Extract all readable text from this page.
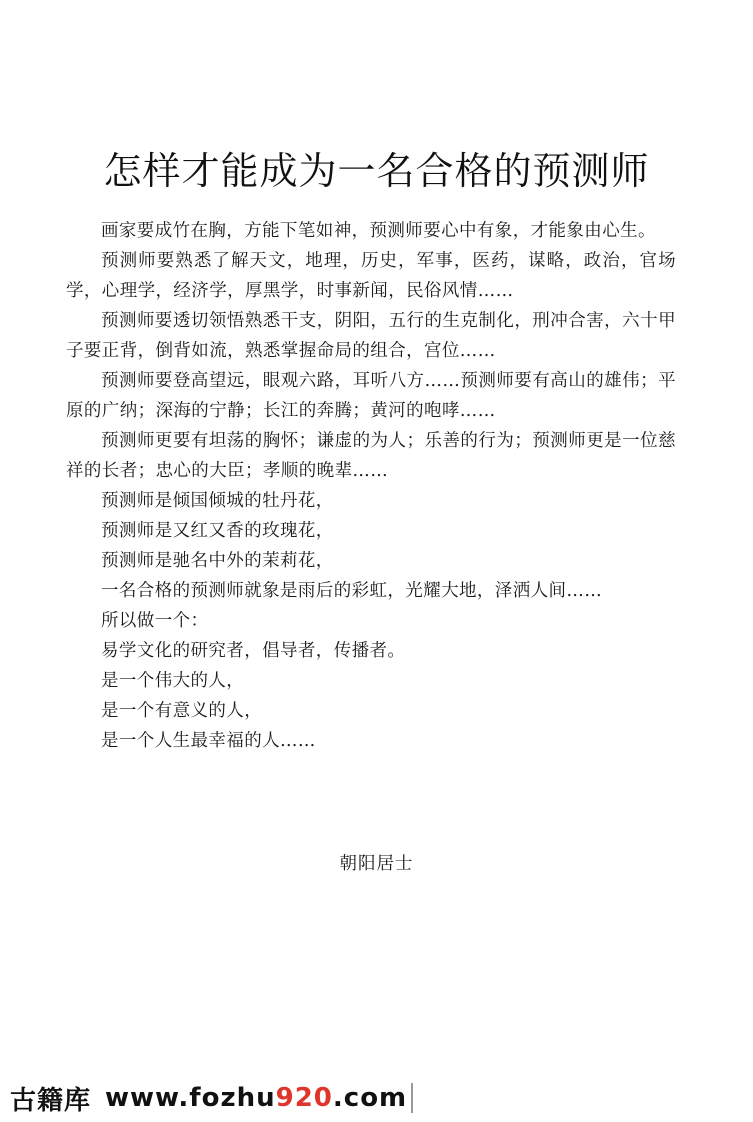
怎样才能成为一名合格的预测师

画家要成竹在胸，方能下笔如神，预测师要心中有象，才能象由心生。

预测师要熟悉了解天文，地理，历史，军事，医药，谋略，政治，官场学，心理学，经济学，厚黑学，时事新闻，民俗风情……

预测师要透切领悟熟悉干支，阴阳，五行的生克制化，刑冲合害，六十甲子要正背，倒背如流，熟悉掌握命局的组合，宫位……

预测师要登高望远，眼观六路，耳听八方……预测师要有高山的雄伟；平原的广纳；深海的宁静；长江的奔腾；黄河的咆哮……

预测师更要有坦荡的胸怀；谦虚的为人；乐善的行为；预测师更是一位慈祥的长者；忠心的大臣；孝顺的晚辈……

预测师是倾国倾城的牡丹花，

预测师是又红又香的玫瑰花，

预测师是驰名中外的茉莉花，

一名合格的预测师就象是雨后的彩虹，光耀大地，泽洒人间……

所以做一个：

易学文化的研究者，倡导者，传播者。

是一个伟大的人，

是一个有意义的人，

是一个人生最幸福的人……

朝阳居士
古籍库 www.fozhu920.com
